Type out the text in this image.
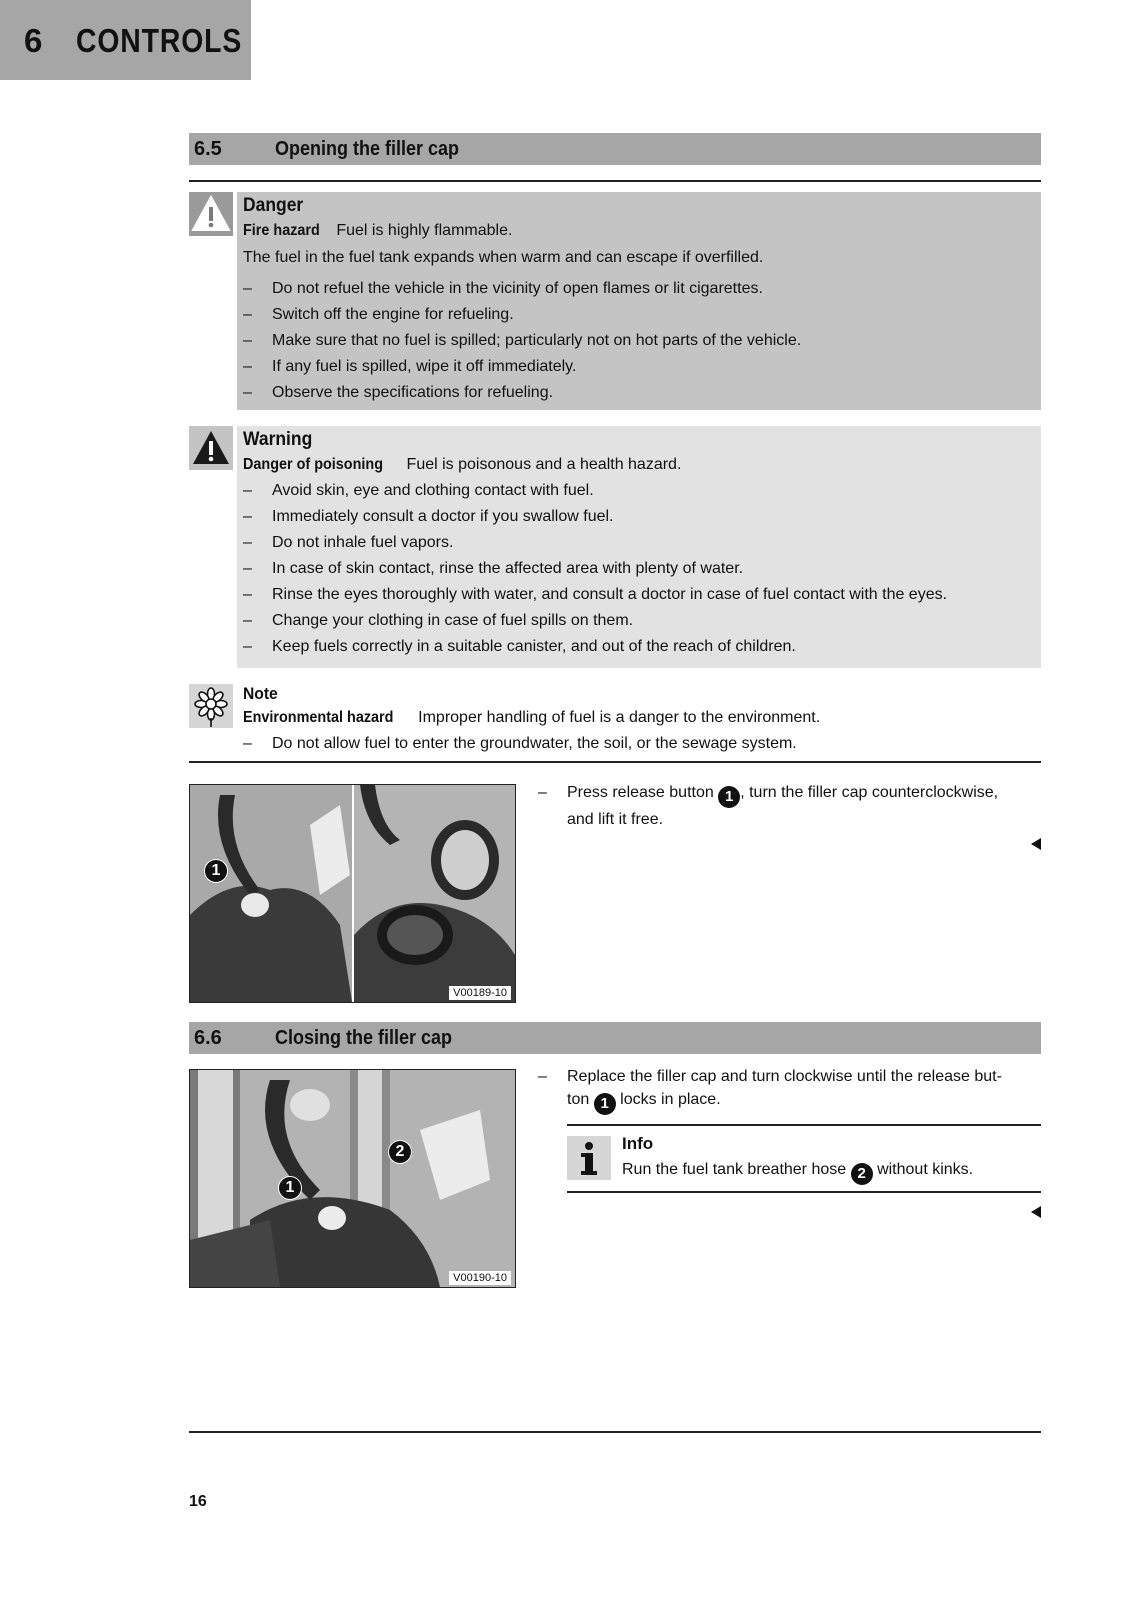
6 CONTROLS
6.5	Opening the filler cap
Danger
Fire hazard Fuel is highly flammable.
The fuel in the fuel tank expands when warm and can escape if overfilled.
– Do not refuel the vehicle in the vicinity of open flames or lit cigarettes.
– Switch off the engine for refueling.
– Make sure that no fuel is spilled; particularly not on hot parts of the vehicle.
– If any fuel is spilled, wipe it off immediately.
– Observe the specifications for refueling.
Warning
Danger of poisoning Fuel is poisonous and a health hazard.
– Avoid skin, eye and clothing contact with fuel.
– Immediately consult a doctor if you swallow fuel.
– Do not inhale fuel vapors.
– In case of skin contact, rinse the affected area with plenty of water.
– Rinse the eyes thoroughly with water, and consult a doctor in case of fuel contact with the eyes.
– Change your clothing in case of fuel spills on them.
– Keep fuels correctly in a suitable canister, and out of the reach of children.
Note
Environmental hazard Improper handling of fuel is a danger to the environment.
– Do not allow fuel to enter the groundwater, the soil, or the sewage system.
1
V00189-10
– Press release button 1 , turn the filler cap counterclockwise,
and lift it free.
6.6	Closing the filler cap
2
1
V00190-10
– Replace the filler cap and turn clockwise until the release but-
ton 1 locks in place.
Info
Run the fuel tank breather hose 2 without kinks.
16
